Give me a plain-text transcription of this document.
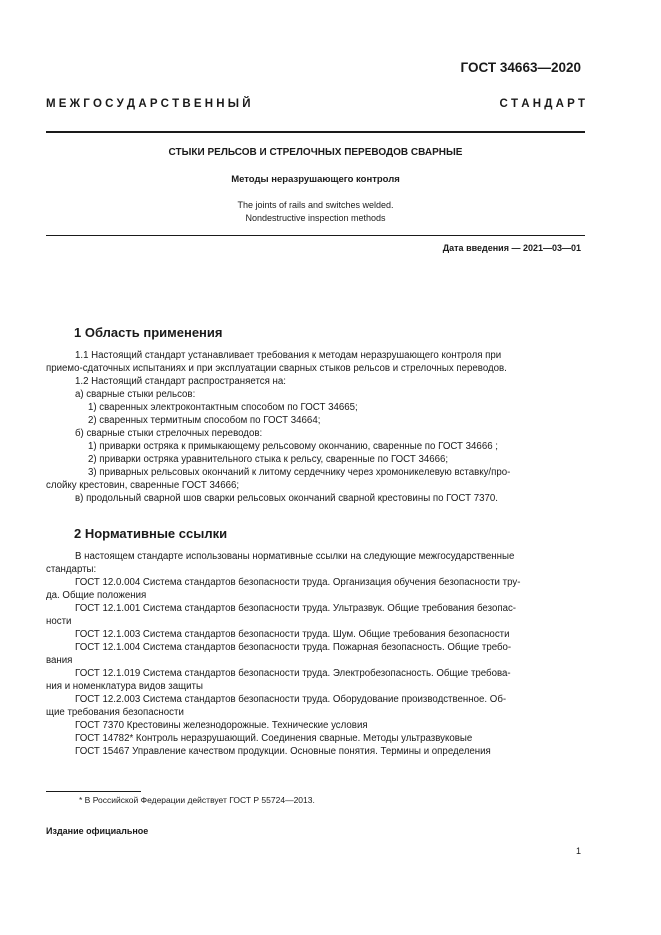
ГОСТ 34663—2020
М Е Ж Г О С У Д А Р С Т В Е Н Н Ы Й	С Т А Н Д А Р Т
СТЫКИ РЕЛЬСОВ И СТРЕЛОЧНЫХ ПЕРЕВОДОВ СВАРНЫЕ
Методы неразрушающего контроля
The joints of rails and switches welded.
Nondestructive inspection methods
Дата введения — 2021—03—01
1 Область применения

1.1 Настоящий стандарт устанавливает требования к методам неразрушающего контроля при

приемо-сдаточных испытаниях и при эксплуатации сварных стыков рельсов и стрелочных переводов.

1.2 Настоящий стандарт распространяется на:

а) сварные стыки рельсов:

1) сваренных электроконтактным способом по ГОСТ 34665;

2) сваренных термитным способом по ГОСТ 34664;

б) сварные стыки стрелочных переводов:

1) приварки остряка к примыкающему рельсовому окончанию, сваренные по ГОСТ 34666 ;

2) приварки остряка уравнительного стыка к рельсу, сваренные по ГОСТ 34666;

3) приварных рельсовых окончаний к литому сердечнику через хромоникелевую вставку/про-

слойку крестовин, сваренные ГОСТ 34666;

в) продольный сварной шов сварки рельсовых окончаний сварной крестовины по ГОСТ 7370.

2 Нормативные ссылки

В настоящем стандарте использованы нормативные ссылки на следующие межгосударственные

стандарты:

ГОСТ 12.0.004 Система стандартов безопасности труда. Организация обучения безопасности тру-

да. Общие положения

ГОСТ 12.1.001 Система стандартов безопасности труда. Ультразвук. Общие требования безопас-

ности

ГОСТ 12.1.003 Система стандартов безопасности труда. Шум. Общие требования безопасности

ГОСТ 12.1.004 Система стандартов безопасности труда. Пожарная безопасность. Общие требо-

вания

ГОСТ 12.1.019 Система стандартов безопасности труда. Электробезопасность. Общие требова-

ния и номенклатура видов защиты

ГОСТ 12.2.003 Система стандартов безопасности труда. Оборудование производственное. Об-

щие требования безопасности

ГОСТ 7370 Крестовины железнодорожные. Технические условия

ГОСТ 14782* Контроль неразрушающий. Соединения сварные. Методы ультразвуковые

ГОСТ 15467 Управление качеством продукции. Основные понятия. Термины и определения

* В Российской Федерации действует ГОСТ Р 55724—2013.
Издание официальное
1
